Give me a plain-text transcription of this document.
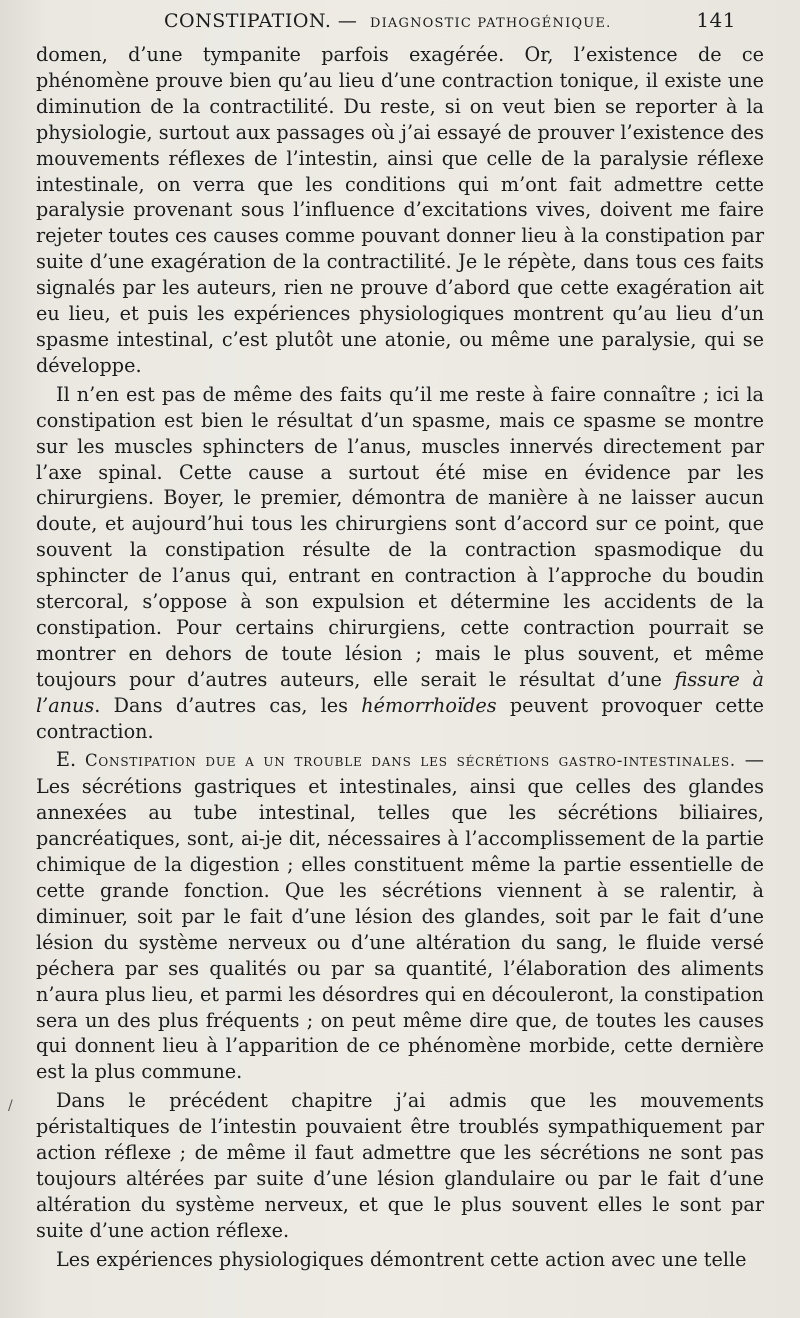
CONSTIPATION. — DIAGNOSTIC PATHOGÉNIQUE.	141

domen, d’une tympanite parfois exagérée. Or, l’existence de ce phénomène prouve bien qu’au lieu d’une contraction tonique, il existe une diminution de la contractilité. Du reste, si on veut bien se reporter à la physiologie, surtout aux passages où j’ai essayé de prouver l’existence des mouvements réflexes de l’intestin, ainsi que celle de la paralysie réflexe intestinale, on verra que les conditions qui m’ont fait admettre cette paralysie provenant sous l’influence d’excitations vives, doivent me faire rejeter toutes ces causes comme pouvant donner lieu à la constipation par suite d’une exagération de la contractilité. Je le répète, dans tous ces faits signalés par les auteurs, rien ne prouve d’abord que cette exagération ait eu lieu, et puis les expériences physiologiques montrent qu’au lieu d’un spasme intestinal, c’est plutôt une atonie, ou même une paralysie, qui se développe.

Il n’en est pas de même des faits qu’il me reste à faire connaître ; ici la constipation est bien le résultat d’un spasme, mais ce spasme se montre sur les muscles sphincters de l’anus, muscles innervés directement par l’axe spinal. Cette cause a surtout été mise en évidence par les chirurgiens. Boyer, le premier, démontra de manière à ne laisser aucun doute, et aujourd’hui tous les chirurgiens sont d’accord sur ce point, que souvent la constipation résulte de la contraction spasmodique du sphincter de l’anus qui, entrant en contraction à l’approche du boudin stercoral, s’oppose à son expulsion et détermine les accidents de la constipation. Pour certains chirurgiens, cette contraction pourrait se montrer en dehors de toute lésion ; mais le plus souvent, et même toujours pour d’autres auteurs, elle serait le résultat d’une fissure à l’anus. Dans d’autres cas, les hémorrhoïdes peuvent provoquer cette contraction.

E. Constipation due a un trouble dans les sécrétions gastro-intestinales. — Les sécrétions gastriques et intestinales, ainsi que celles des glandes annexées au tube intestinal, telles que les sécrétions biliaires, pancréatiques, sont, ai-je dit, nécessaires à l’accomplissement de la partie chimique de la digestion ; elles constituent même la partie essentielle de cette grande fonction. Que les sécrétions viennent à se ralentir, à diminuer, soit par le fait d’une lésion des glandes, soit par le fait d’une lésion du système nerveux ou d’une altération du sang, le fluide versé péchera par ses qualités ou par sa quantité, l’élaboration des aliments n’aura plus lieu, et parmi les désordres qui en découleront, la constipation sera un des plus fréquents ; on peut même dire que, de toutes les causes qui donnent lieu à l’apparition de ce phénomène morbide, cette dernière est la plus commune.

Dans le précédent chapitre j’ai admis que les mouvements péristaltiques de l’intestin pouvaient être troublés sympathiquement par action réflexe ; de même il faut admettre que les sécrétions ne sont pas toujours altérées par suite d’une lésion glandulaire ou par le fait d’une altération du système nerveux, et que le plus souvent elles le sont par suite d’une action réflexe.

Les expériences physiologiques démontrent cette action avec une telle

/
